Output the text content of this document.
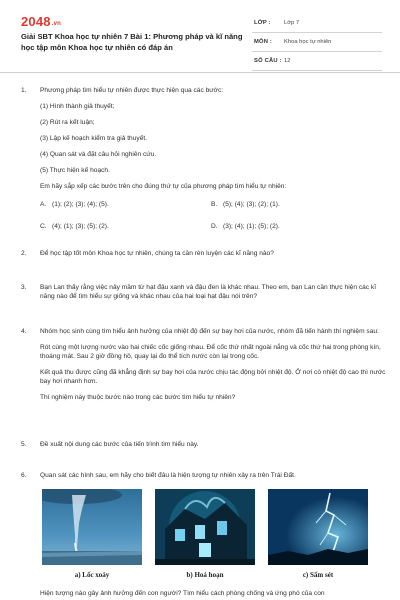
2048.vn
Giải SBT Khoa học tự nhiên 7 Bài 1: Phương pháp và kĩ năng học tập môn Khoa học tự nhiên có đáp án
LỚP : Lớp 7
MÔN : Khoa học tự nhiên
SỐ CÂU : 12
1. Phương pháp tìm hiểu tự nhiên được thực hiện qua các bước:

(1) Hình thành giả thuyết;

(2) Rút ra kết luận;

(3) Lập kế hoạch kiểm tra giả thuyết.

(4) Quan sát và đặt câu hỏi nghiên cứu.

(5) Thực hiện kế hoạch.

Em hãy sắp xếp các bước trên cho đúng thứ tự của phương pháp tìm hiểu tự nhiên:

A. (1); (2); (3); (4); (5).	B. (5); (4); (3); (2); (1).
C. (4); (1); (3); (5); (2).	D. (3); (4); (1); (5); (2).
2. Để học tập tốt môn Khoa học tự nhiên, chúng ta cần rèn luyện các kĩ năng nào?

3. Bạn Lan thấy rằng việc nảy mầm từ hạt đậu xanh và đậu đen là khác nhau. Theo em, bạn Lan cần thực hiện các kĩ năng nào để tìm hiểu sự giống và khác nhau của hai loại hạt đậu nói trên?

4. Nhóm học sinh cùng tìm hiểu ảnh hưởng của nhiệt độ đến sự bay hơi của nước, nhóm đã tiến hành thí nghiệm sau:

Rót cùng một lượng nước vào hai chiếc cốc giống nhau. Để cốc thứ nhất ngoài nắng và cốc thứ hai trong phòng kín, thoáng mát. Sau 2 giờ đồng hồ, quay lại đo thể tích nước còn lại trong cốc.

Kết quả thu được cũng đã khẳng định sự bay hơi của nước chịu tác động bởi nhiệt độ. Ở nơi có nhiệt độ cao thì nước bay hơi nhanh hơn.

Thí nghiệm này thuộc bước nào trong các bước tìm hiểu tự nhiên?

5. Đề xuất nội dung các bước của tiến trình tìm hiểu này.

6. Quan sát các hình sau, em hãy cho biết đâu là hiện tượng tự nhiên xảy ra trên Trái Đất.

a) Lốc xoáy	b) Hoả hoạn	c) Sấm sét
Hiện tượng nào gây ảnh hưởng đến con người? Tìm hiểu cách phòng chống và ứng phó của con
